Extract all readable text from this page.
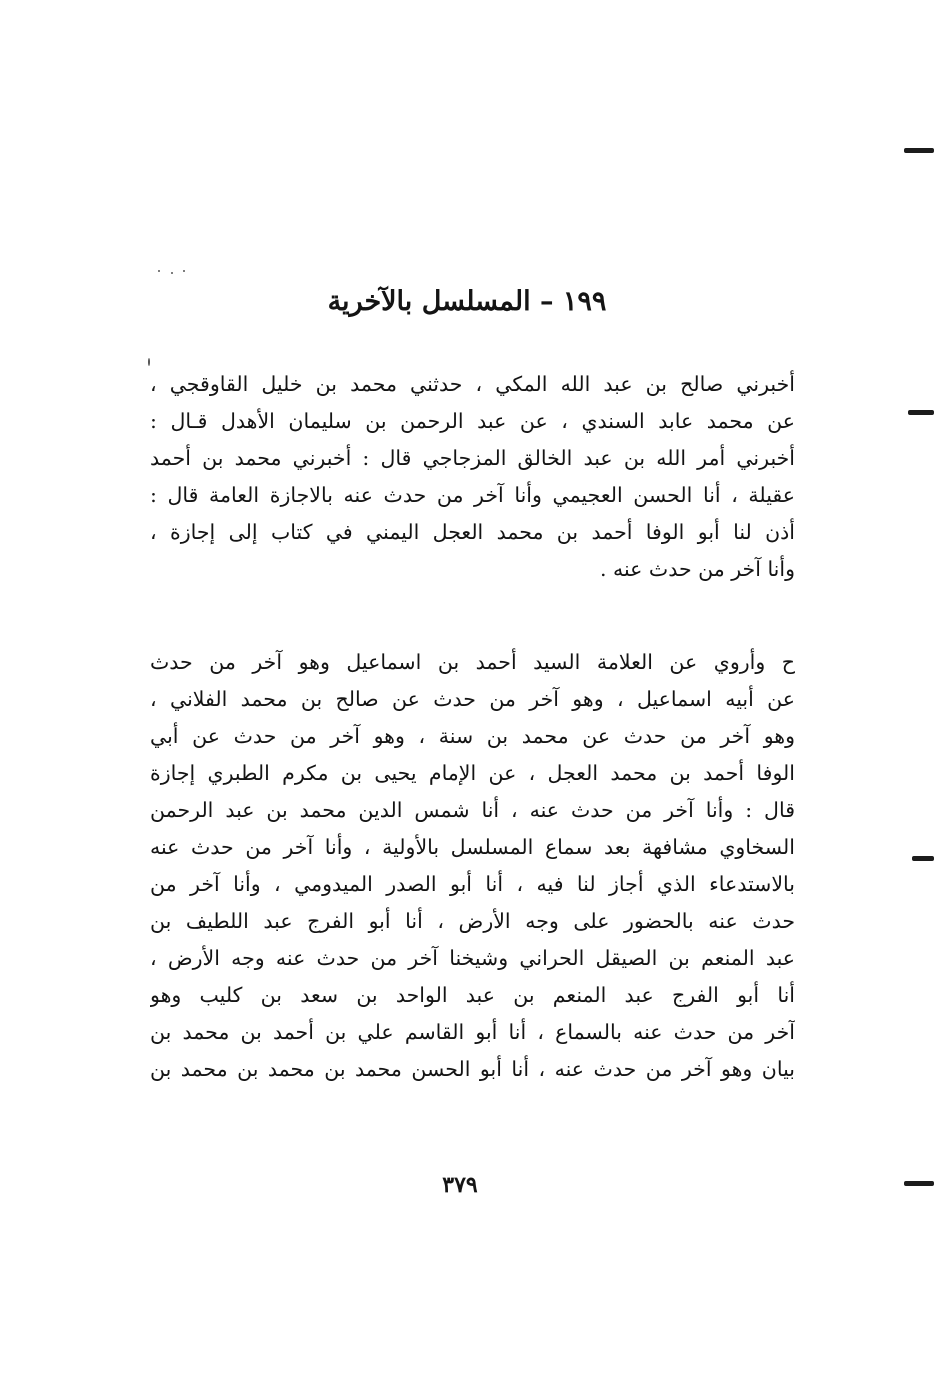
١٩٩ – المسلسل بالآخرية
أخبرني صالح بن عبد الله المكي ، حدثني محمد بن خليل القاوقجي ،
عن محمد عابد السندي ، عن عبد الرحمن بن سليمان الأهدل قـال :
أخبرني أمر الله بن عبد الخالق المزجاجي قال : أخبرني محمد بن أحمد
عقيلة ، أنا الحسن العجيمي وأنا آخر من حدث عنه بالاجازة العامة قال :
أذن لنا أبو الوفا أحمد بن محمد العجل اليمني في كتاب إلى إجازة ،
وأنا آخر من حدث عنه .
ح وأروي عن العلامة السيد أحمد بن اسماعيل وهو آخر من حدث
عن أبيه اسماعيل ، وهو آخر من حدث عن صالح بن محمد الفلاني ،
وهو آخر من حدث عن محمد بن سنة ، وهو آخر من حدث عن أبي
الوفا أحمد بن محمد العجل ، عن الإمام يحيى بن مكرم الطبري إجازة
قال : وأنا آخر من حدث عنه ، أنا شمس الدين محمد بن عبد الرحمن
السخاوي مشافهة بعد سماع المسلسل بالأولية ، وأنا آخر من حدث عنه
بالاستدعاء الذي أجاز لنا فيه ، أنا أبو الصدر الميدومي ، وأنا آخر من
حدث عنه بالحضور على وجه الأرض ، أنا أبو الفرج عبد اللطيف بن
عبد المنعم بن الصيقل الحراني وشيخنا آخر من حدث عنه وجه الأرض ،
أنا أبو الفرج عبد المنعم بن عبد الواحد بن سعد بن كليب وهو
آخر من حدث عنه بالسماع ، أنا أبو القاسم علي بن أحمد بن محمد بن
بيان وهو آخر من حدث عنه ، أنا أبو الحسن محمد بن محمد بن محمد بن
٣٧٩
